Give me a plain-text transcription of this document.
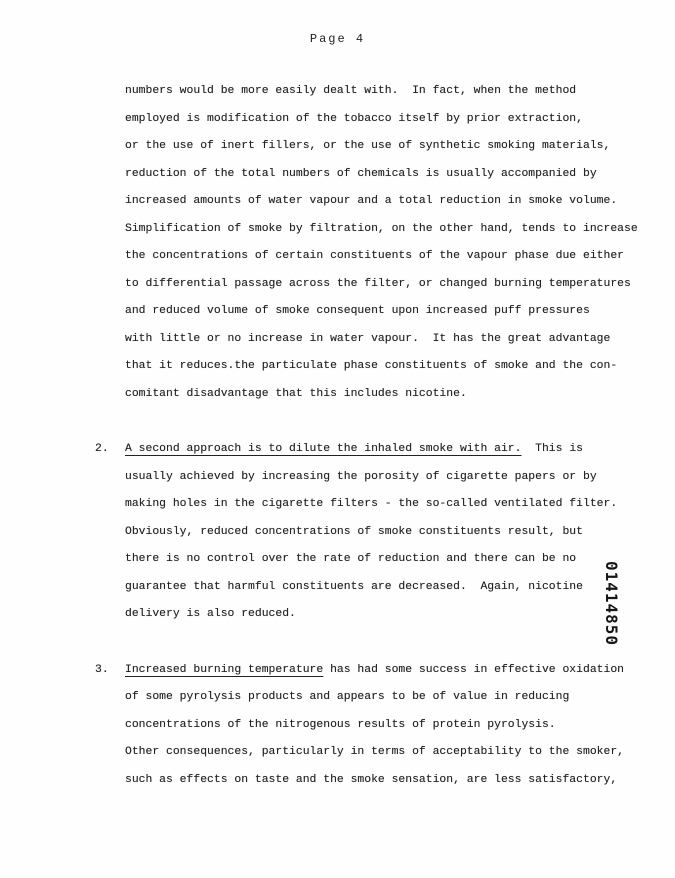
Page 4
numbers would be more easily dealt with.  In fact, when the method
employed is modification of the tobacco itself by prior extraction,
or the use of inert fillers, or the use of synthetic smoking materials,
reduction of the total numbers of chemicals is usually accompanied by
increased amounts of water vapour and a total reduction in smoke volume.
Simplification of smoke by filtration, on the other hand, tends to increase
the concentrations of certain constituents of the vapour phase due either
to differential passage across the filter, or changed burning temperatures
and reduced volume of smoke consequent upon increased puff pressures
with little or no increase in water vapour.  It has the great advantage
that it reduces.the particulate phase constituents of smoke and the con-
comitant disadvantage that this includes nicotine.
2. A second approach is to dilute the inhaled smoke with air.  This is
usually achieved by increasing the porosity of cigarette papers or by
making holes in the cigarette filters - the so-called ventilated filter.
Obviously, reduced concentrations of smoke constituents result, but
there is no control over the rate of reduction and there can be no
guarantee that harmful constituents are decreased.  Again, nicotine
delivery is also reduced.
3. Increased burning temperature has had some success in effective oxidation
of some pyrolysis products and appears to be of value in reducing
concentrations of the nitrogenous results of protein pyrolysis.
Other consequences, particularly in terms of acceptability to the smoker,
such as effects on taste and the smoke sensation, are less satisfactory,
01414850
